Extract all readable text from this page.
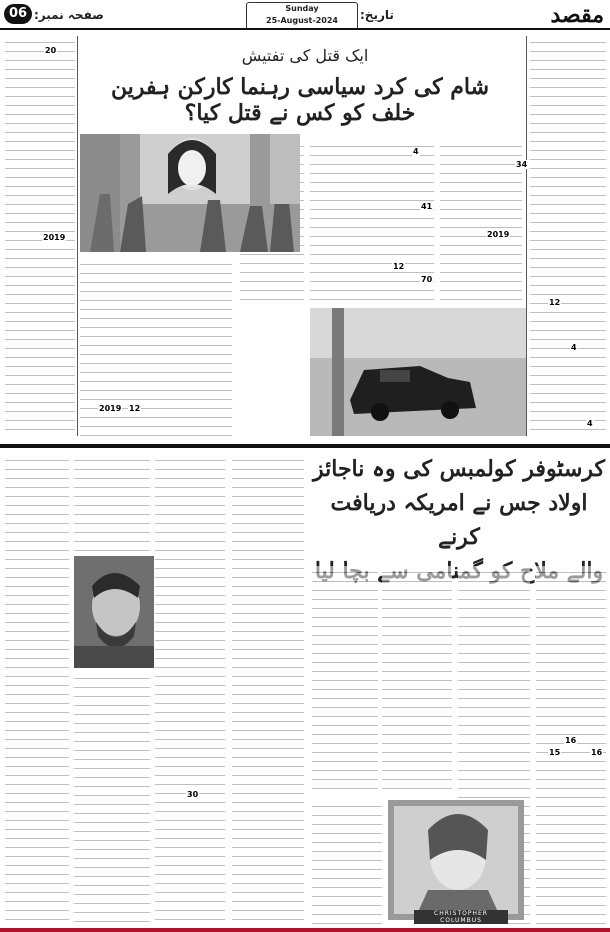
مقصد
تاریخ:
Sunday
25-August-2024
صفحہ نمبر:
06
ایک قتل کی تفتیش
شام کی کرد سیاسی رہنما کارکن ہفرین خلف کو کس نے قتل کیا؟
20
2019
2019 12
4
34
41
12
2019
12
4
70
4
کرسٹوفر کولمبس کی وہ ناجائز
اولاد جس نے امریکہ دریافت کرنے
CHRISTOPHER COLUMBUS
30
16
15	16
